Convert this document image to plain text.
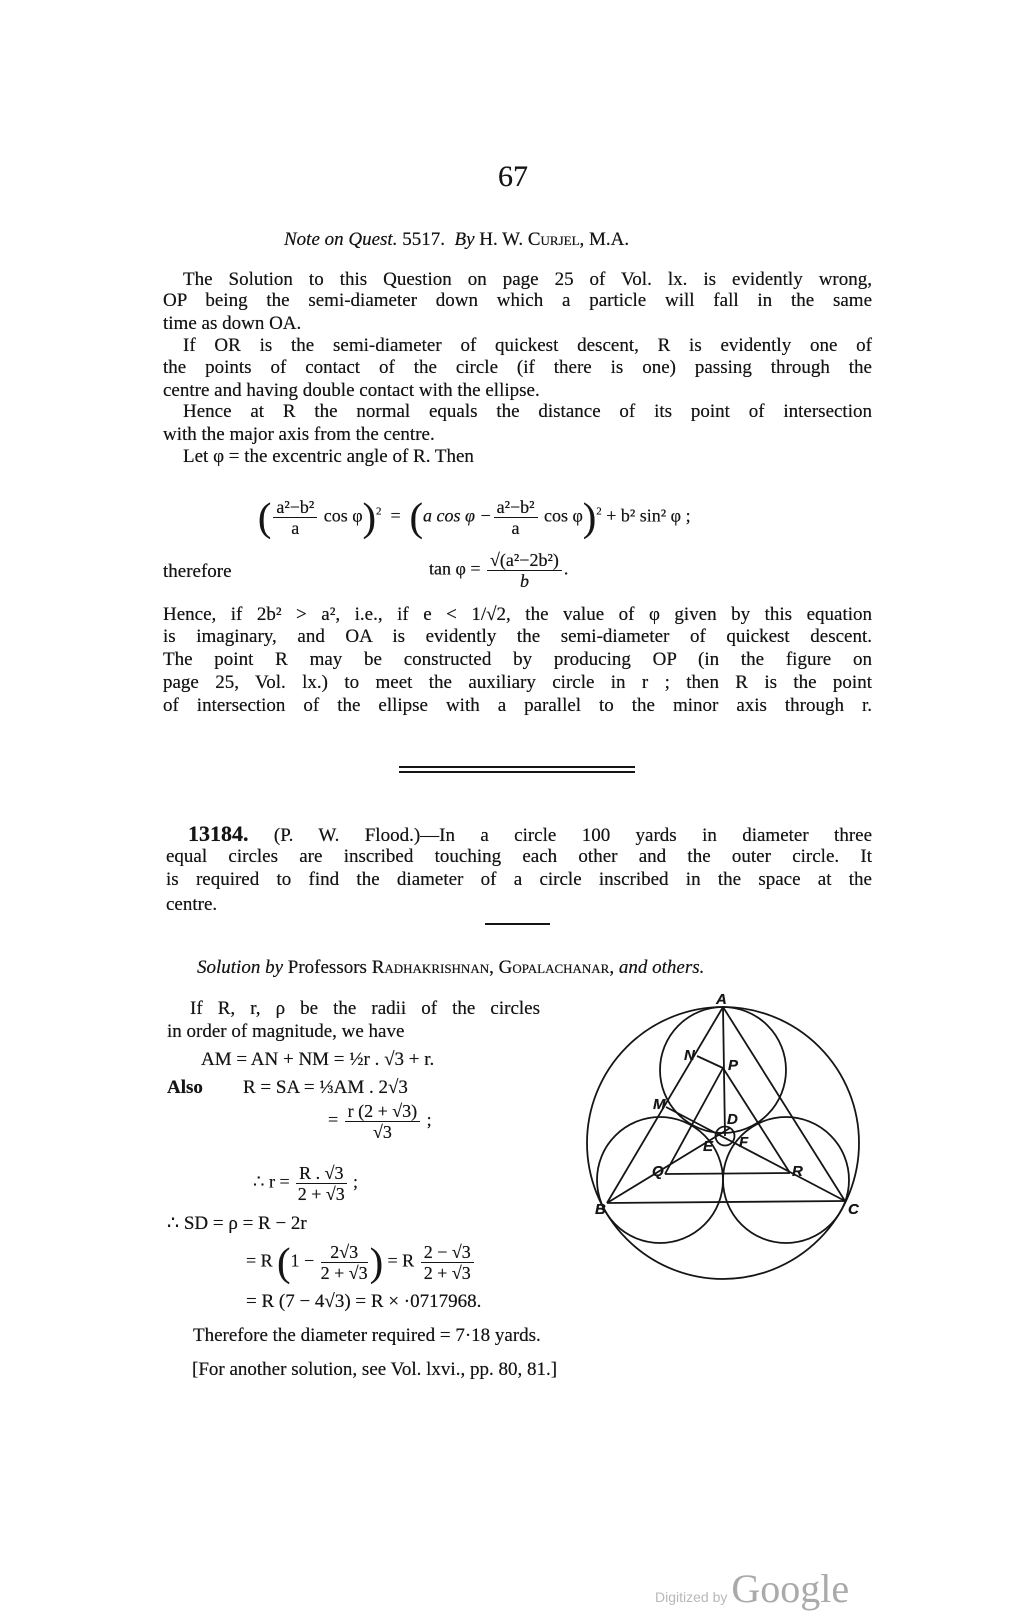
67
Note on Quest. 5517. By H. W. Curjel, M.A.
The Solution to this Question on page 25 of Vol. lx. is evidently wrong,
OP being the semi-diameter down which a particle will fall in the same
time as down OA.
If OR is the semi-diameter of quickest descent, R is evidently one of
the points of contact of the circle (if there is one) passing through the
centre and having double contact with the ellipse.
Hence at R the normal equals the distance of its point of intersection
with the major axis from the centre.
Let φ = the excentric angle of R. Then
( $\frac{\text{a²−b²}}{a}$ cos φ)$^2$ = (a $\cos \varphi - \frac{\text{a²−b²}}{a}$ cos φ)$^2$ + b² sin² φ ;
therefore	$\tan \varphi = \frac{\text{√(a²−2b²)}}{b}$ .
Hence, if 2b² > a², i.e., if e < 1/√2, the value of φ given by this equation
is imaginary, and OA is evidently the semi-diameter of quickest descent.
The point R may be constructed by producing OP (in the figure on
page 25, Vol. lx.) to meet the auxiliary circle in r ; then R is the point
of intersection of the ellipse with a parallel to the minor axis through r.
13184. (P. W. Flood.)—In a circle 100 yards in diameter three
equal circles are inscribed touching each other and the outer circle. It
is required to find the diameter of a circle inscribed in the space at the
centre.
Solution by Professors Radhakrishnan, Gopalachanar, and others.
If R, r, ρ be the radii of the circles
in order of magnitude, we have
AM = AN + NM = ½r . √3 + r.
Also R = SA = ⅓AM . 2√3
= $\frac{r (2 + √3)}{√3}$ ;
∴ $r = \frac{R . √3}{2 + √3}$ ;
∴ SD = ρ = R − 2r
= R ($1 - \frac{2√3}{2 + √3}$ ) = R $\frac{2 - √3}{2 + √3}$
= R (7 − 4√3) = R × ·0717968.
Therefore the diameter required = 7·18 yards.
[For another solution, see Vol. lxvi., pp. 80, 81.]
A
B	C
N
P
M
D
E F
Q	R
Digitized by Google
